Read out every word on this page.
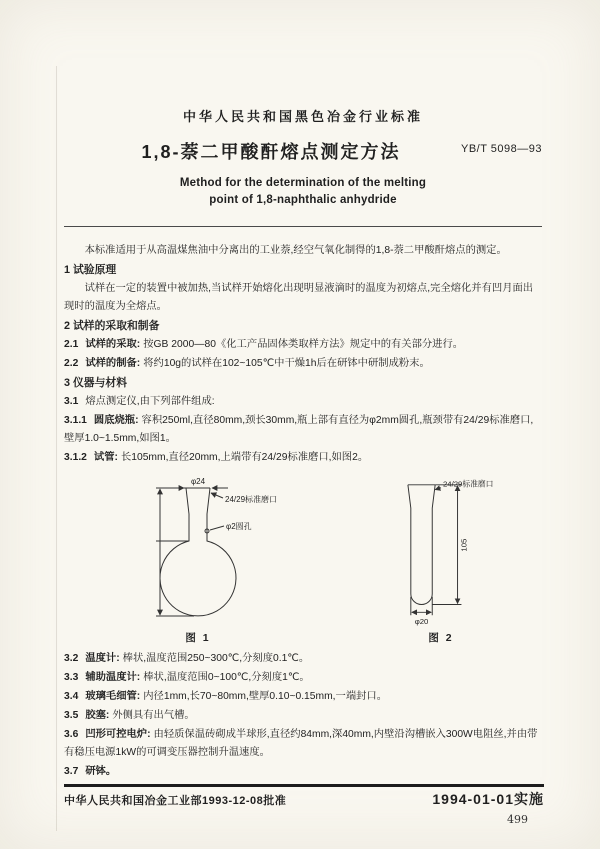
中华人民共和国黑色冶金行业标准
1,8-萘二甲酸酐熔点测定方法	YB/T 5098—93
Method for the determination of the melting
point of 1,8-naphthalic anhydride

本标准适用于从高温煤焦油中分离出的工业萘,经空气氧化制得的1,8-萘二甲酸酐熔点的测定。

1 试验原理

试样在一定的装置中被加热,当试样开始熔化出现明显液滴时的温度为初熔点,完全熔化并有凹月面出现时的温度为全熔点。

2 试样的采取和制备

2.1 试样的采取: 按GB 2000—80《化工产品固体类取样方法》规定中的有关部分进行。

2.2 试样的制备: 将约10g的试样在102~105℃中干燥1h后在研钵中研制成粉末。

3 仪器与材料

3.1 熔点测定仪,由下列部件组成:

3.1.1 圆底烧瓶: 容积250ml,直径80mm,颈长30mm,瓶上部有直径为φ2mm圆孔,瓶颈带有24/29标准磨口,壁厚1.0~1.5mm,如图1。

3.1.2 试管: 长105mm,直径20mm,上端带有24/29标准磨口,如图2。

φ24
24/29标准磨口
φ2圆孔
图 1
24/29标准磨口
105
φ20
图 2

3.2 温度计: 棒状,温度范围250~300℃,分刻度0.1℃。

3.3 辅助温度计: 棒状,温度范围0~100℃,分刻度1℃。

3.4 玻璃毛细管: 内径1mm,长70~80mm,壁厚0.10~0.15mm,一端封口。

3.5 胶塞: 外侧具有出气槽。

3.6 凹形可控电炉: 由轻质保温砖砌成半球形,直径约84mm,深40mm,内壁沿沟槽嵌入300W电阻丝,并由带有稳压电源1kW的可调变压器控制升温速度。

3.7 研钵。

中华人民共和国冶金工业部1993-12-08批准	1994-01-01实施
499
